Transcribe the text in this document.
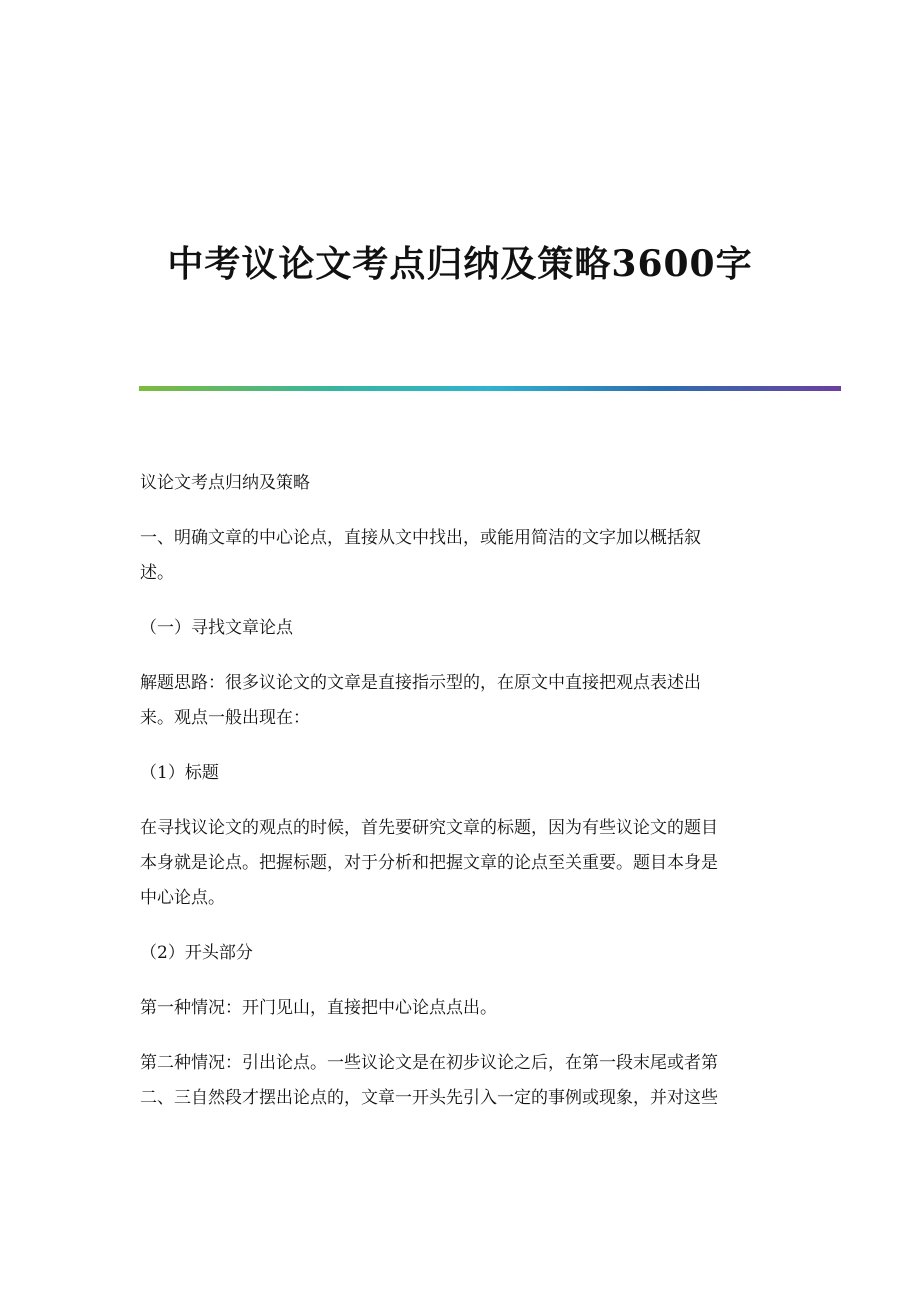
中考议论文考点归纳及策略3600字

议论文考点归纳及策略

一、明确文章的中心论点，直接从文中找出，或能用简洁的文字加以概括叙
述。

（一）寻找文章论点

解题思路：很多议论文的文章是直接指示型的，在原文中直接把观点表述出
来。观点一般出现在：

（1）标题

在寻找议论文的观点的时候，首先要研究文章的标题，因为有些议论文的题目
本身就是论点。把握标题，对于分析和把握文章的论点至关重要。题目本身是
中心论点。

（2）开头部分

第一种情况：开门见山，直接把中心论点点出。

第二种情况：引出论点。一些议论文是在初步议论之后，在第一段末尾或者第
二、三自然段才摆出论点的，文章一开头先引入一定的事例或现象，并对这些
